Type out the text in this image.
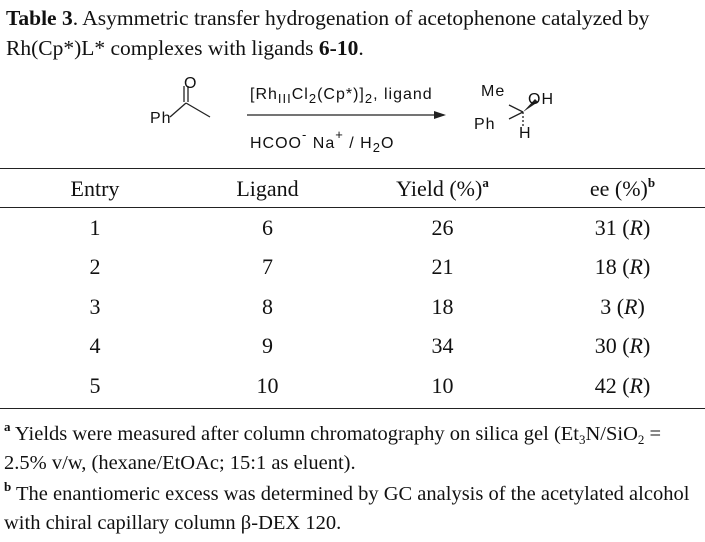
Table 3. Asymmetric transfer hydrogenation of acetophenone catalyzed by Rh(Cp*)L* complexes with ligands 6-10.

O
Ph
$[Rh_{III}Cl_2(Cp*)]_2$, ligand
HCOO- $Na^+ / H_2O$
Me OH
Ph
H
Entry	Ligand	Yield (%)$^a$	ee (%)$^b$
1	6	26	31 (R)
2	7	21	18 (R)
3	8	18	3 (R)
4	9	34	30 (R)
5	10	10	42 (R)

$^a$ Yields were measured after column chromatography on silica gel ($Et_3N/SiO_2 = 2.5\%$ v/w, (hexane/EtOAc; 15:1 as eluent).

$^b$ The enantiomeric excess was determined by GC analysis of the acetylated alcohol with chiral capillary column β-DEX 120.
